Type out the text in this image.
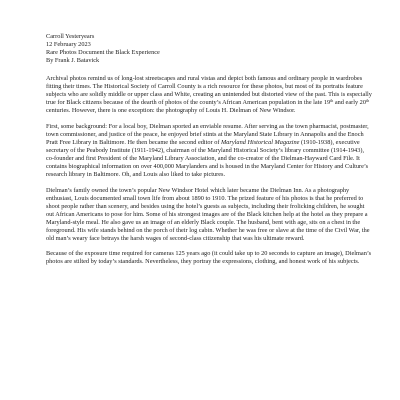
Carroll Yesteryears
12 February 2023
Rare Photos Document the Black Experience
By Frank J. Batavick

Archival photos remind us of long-lost streetscapes and rural vistas and depict both famous and ordinary people in wardrobes fitting their times. The Historical Society of Carroll County is a rich resource for these photos, but most of its portraits feature subjects who are solidly middle or upper class and White, creating an unintended but distorted view of the past. This is especially true for Black citizens because of the dearth of photos of the county’s African American population in the late 19th and early 20th centuries. However, there is one exception: the photography of Louis H. Dielman of New Windsor.

First, some background: For a local boy, Dielman sported an enviable resume. After serving as the town pharmacist, postmaster, town commissioner, and justice of the peace, he enjoyed brief stints at the Maryland State Library in Annapolis and the Enoch Pratt Free Library in Baltimore. He then became the second editor of Maryland Historical Magazine (1910-1938), executive secretary of the Peabody Institute (1911-1942), chairman of the Maryland Historical Society’s library committee (1914-1943), co-founder and first President of the Maryland Library Association, and the co-creator of the Dielman-Hayward Card File. It contains biographical information on over 400,000 Marylanders and is housed in the Maryland Center for History and Culture’s research library in Baltimore. Oh, and Louis also liked to take pictures.

Dielman’s family owned the town’s popular New Windsor Hotel which later became the Dielman Inn. As a photography enthusiast, Louis documented small town life from about 1890 to 1910. The prized feature of his photos is that he preferred to shoot people rather than scenery, and besides using the hotel’s guests as subjects, including their frolicking children, he sought out African Americans to pose for him. Some of his strongest images are of the Black kitchen help at the hotel as they prepare a Maryland-style meal. He also gave us an image of an elderly Black couple. The husband, bent with age, sits on a chest in the foreground. His wife stands behind on the porch of their log cabin. Whether he was free or slave at the time of the Civil War, the old man’s weary face betrays the harsh wages of second-class citizenship that was his ultimate reward.

Because of the exposure time required for cameras 125 years ago (it could take up to 20 seconds to capture an image), Dielman’s photos are stilted by today’s standards. Nevertheless, they portray the expressions, clothing, and honest work of his subjects.
